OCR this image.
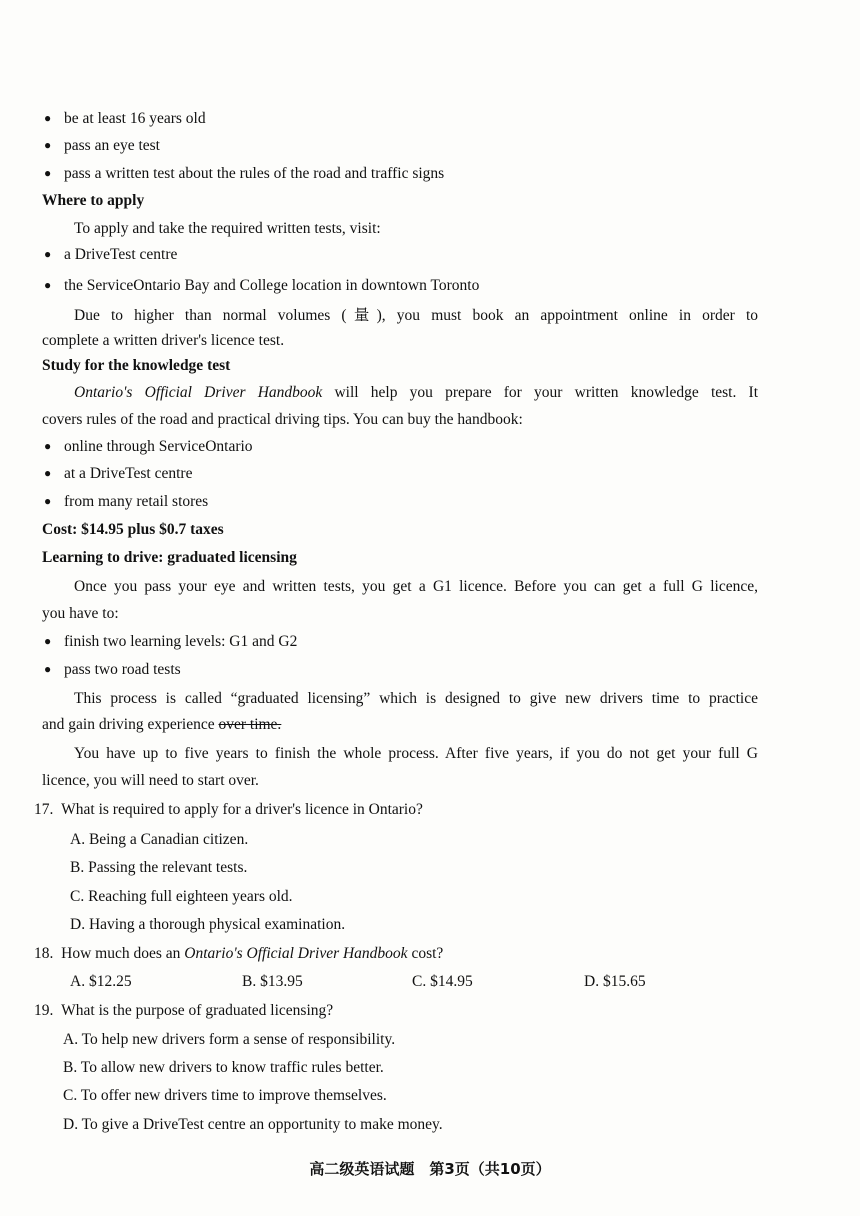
● be at least 16 years old
● pass an eye test
● pass a written test about the rules of the road and traffic signs
Where to apply
To apply and take the required written tests, visit:
● a DriveTest centre
● the ServiceOntario Bay and College location in downtown Toronto
Due to higher than normal volumes (量), you must book an appointment online in order to
complete a written driver's licence test.
Study for the knowledge test
Ontario's Official Driver Handbook will help you prepare for your written knowledge test. It
covers rules of the road and practical driving tips. You can buy the handbook:
● online through ServiceOntario
● at a DriveTest centre
● from many retail stores
Cost: $14.95 plus $0.7 taxes
Learning to drive: graduated licensing
Once you pass your eye and written tests, you get a G1 licence. Before you can get a full G licence,
you have to:
● finish two learning levels: G1 and G2
● pass two road tests
This process is called “graduated licensing” which is designed to give new drivers time to practice
and gain driving experience over time.
You have up to five years to finish the whole process. After five years, if you do not get your full G
licence, you will need to start over.
17. What is required to apply for a driver's licence in Ontario?
A. Being a Canadian citizen.
B. Passing the relevant tests.
C. Reaching full eighteen years old.
D. Having a thorough physical examination.
18. How much does an Ontario's Official Driver Handbook cost?
A. $12.25	B. $13.95	C. $14.95	D. $15.65
19. What is the purpose of graduated licensing?
A. To help new drivers form a sense of responsibility.
B. To allow new drivers to know traffic rules better.
C. To offer new drivers time to improve themselves.
D. To give a DriveTest centre an opportunity to make money.
高二级英语试题　第3页（共10页）
